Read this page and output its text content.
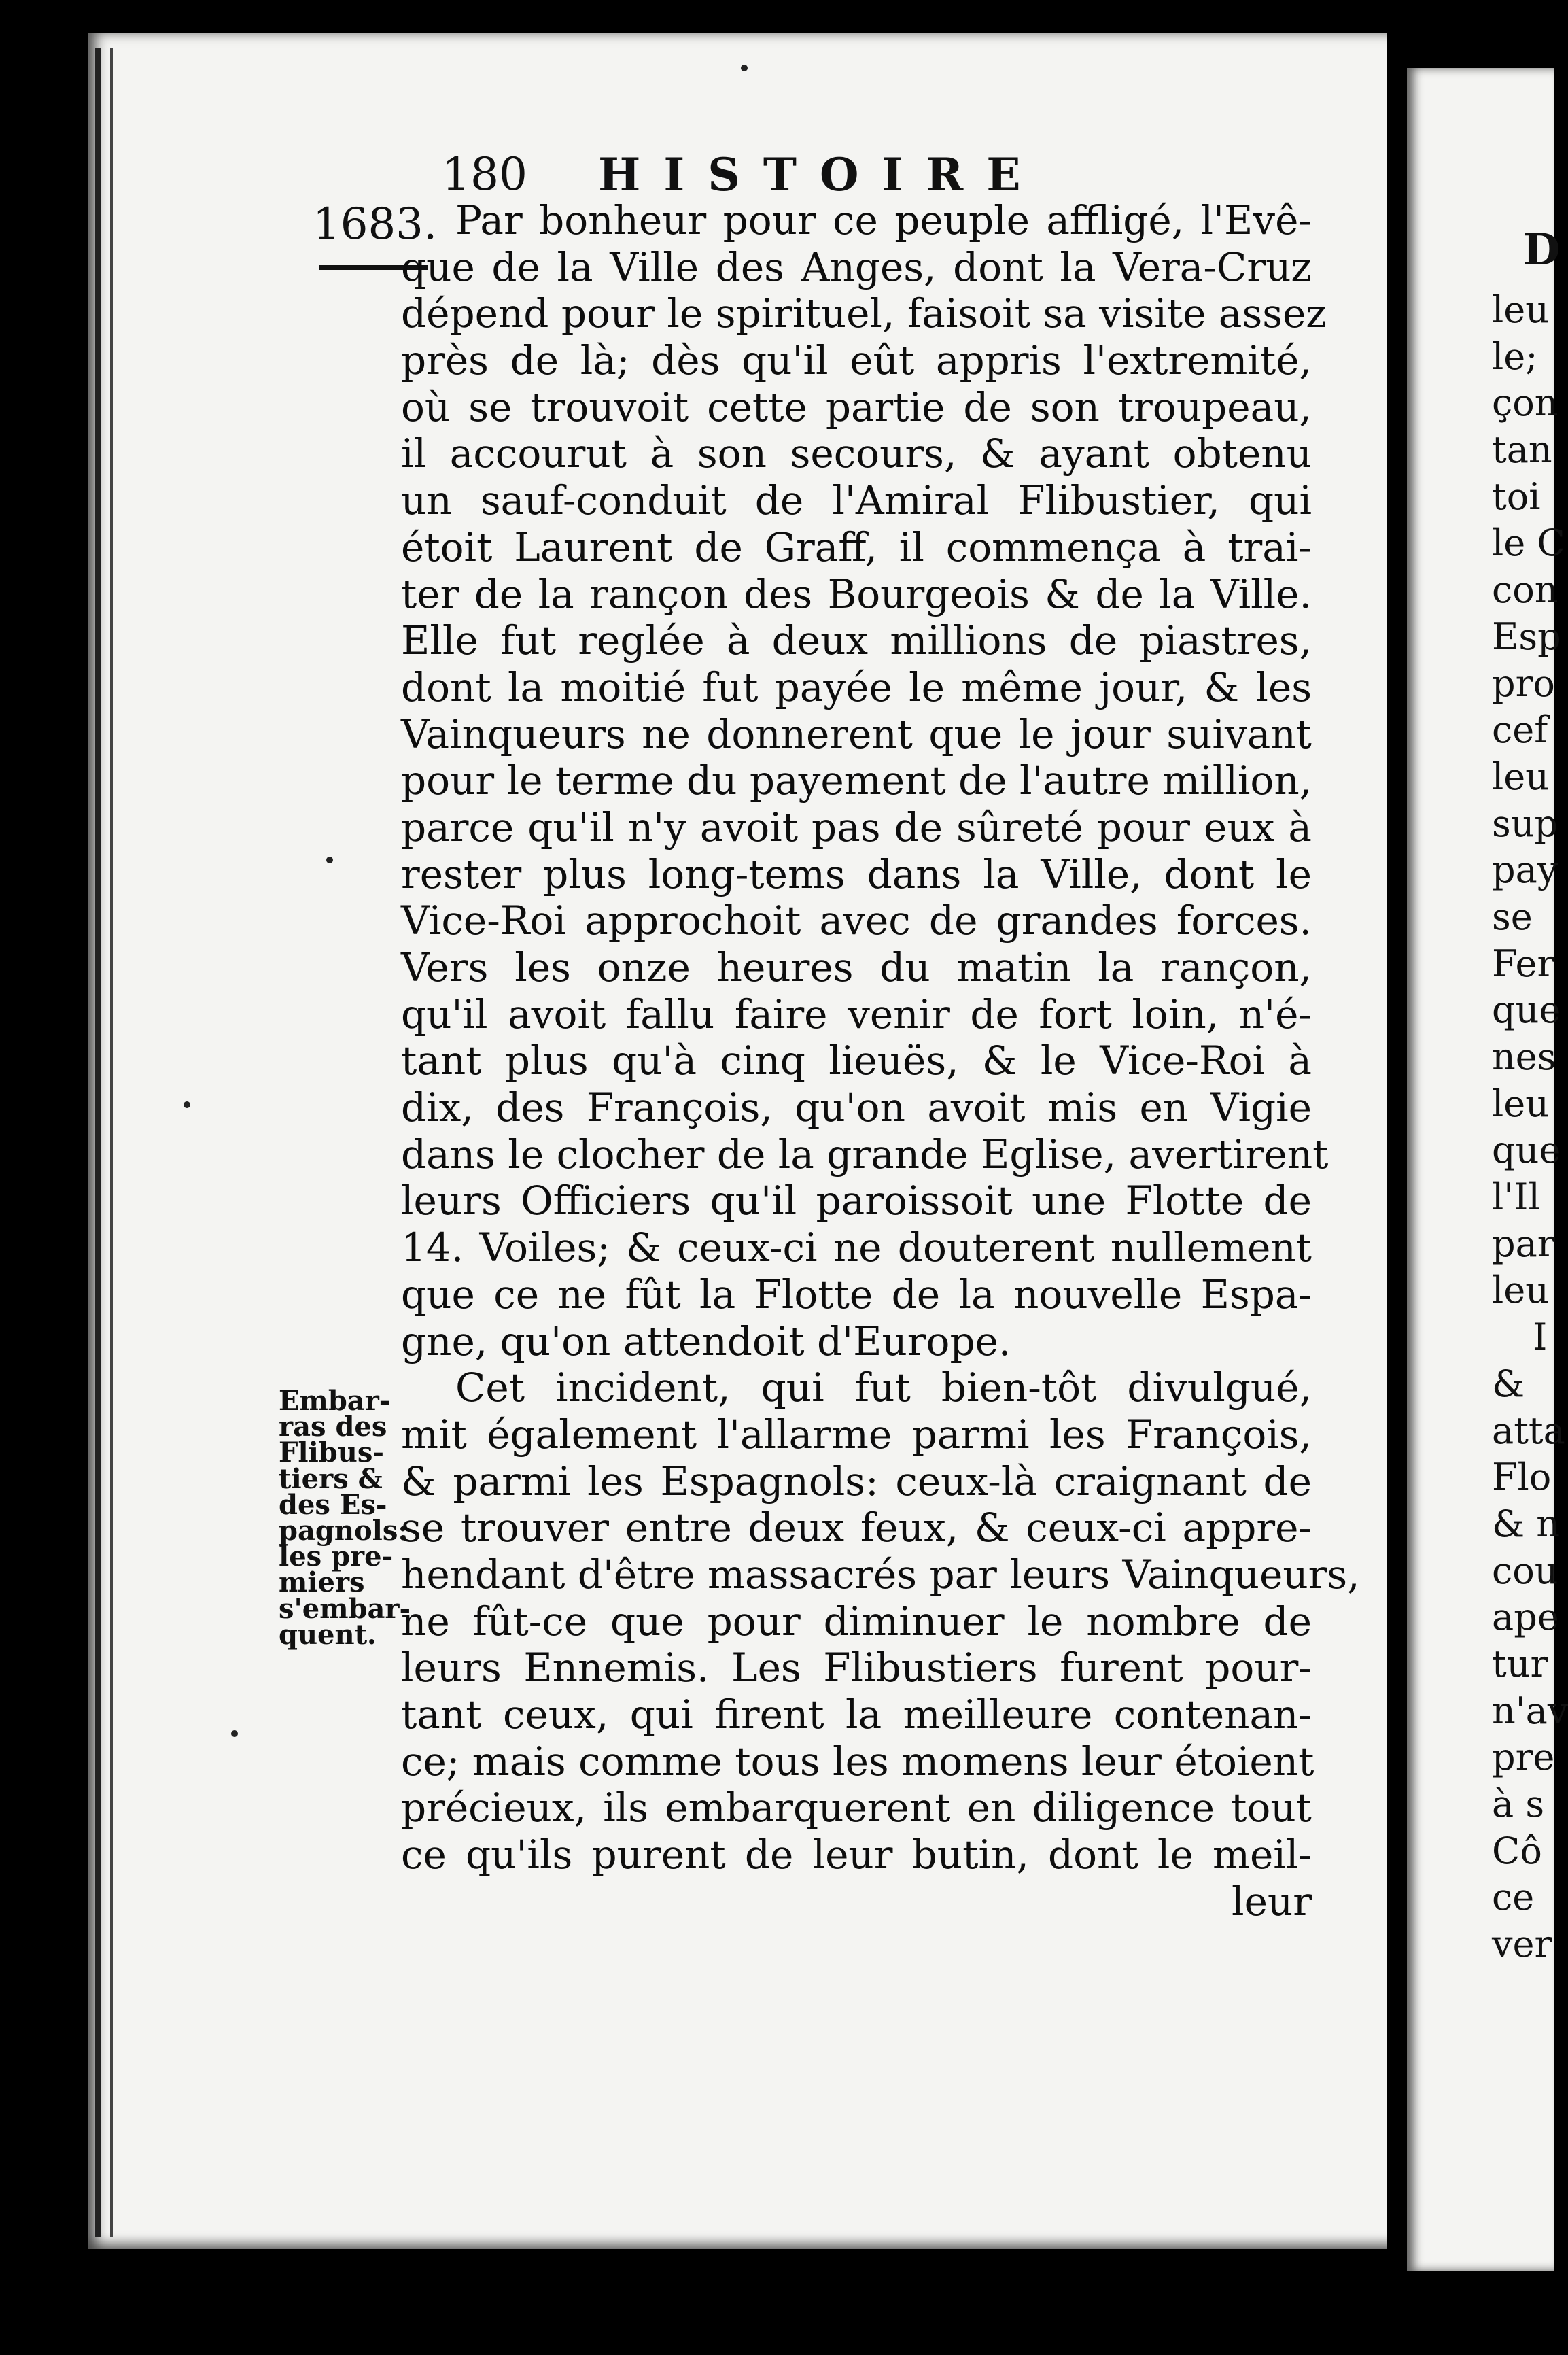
180 HISTOIRE
1683. Par bonheur pour ce peuple affligé, l'Evê-
que de la Ville des Anges, dont la Vera-Cruz
dépend pour le spirituel, faisoit sa visite assez
près de là; dès qu'il eût appris l'extremité,
où se trouvoit cette partie de son troupeau,
il accourut à son secours, & ayant obtenu
un sauf-conduit de l'Amiral Flibustier, qui
étoit Laurent de Graff, il commença à trai-
ter de la rançon des Bourgeois & de la Ville.
Elle fut reglée à deux millions de piastres,
dont la moitié fut payée le même jour, & les
Vainqueurs ne donnerent que le jour suivant
pour le terme du payement de l'autre million,
parce qu'il n'y avoit pas de sûreté pour eux à
rester plus long-tems dans la Ville, dont le
Vice-Roi approchoit avec de grandes forces.
Vers les onze heures du matin la rançon,
qu'il avoit fallu faire venir de fort loin, n'é-
tant plus qu'à cinq lieuës, & le Vice-Roi à
dix, des François, qu'on avoit mis en Vigie
dans le clocher de la grande Eglise, avertirent
leurs Officiers qu'il paroissoit une Flotte de
14. Voiles; & ceux-ci ne douterent nullement
que ce ne fût la Flotte de la nouvelle Espa-
gne, qu'on attendoit d'Europe.
Cet incident, qui fut bien-tôt divulgué,
mit également l'allarme parmi les François,
& parmi les Espagnols: ceux-là craignant de
se trouver entre deux feux, & ceux-ci appre-
hendant d'être massacrés par leurs Vainqueurs,
ne fût-ce que pour diminuer le nombre de
leurs Ennemis. Les Flibustiers furent pour-
tant ceux, qui firent la meilleure contenan-
ce; mais comme tous les momens leur étoient
précieux, ils embarquerent en diligence tout
ce qu'ils purent de leur butin, dont le meil-
leur
Embar-
ras des
Flibus-
tiers &
des Es-
pagnols:
les pre-
miers
s'embar-
quent.
D
leu
le;
çon
tan
toi
le C
con
Esp
pro
cef
leu
sup
pay
se
Fer
que
nes
leu
que
l'Il
par
leu
I
&
atta
Flo
& n
cou
ape
tur
n'av
pre
à s
Cô
ce
ver
